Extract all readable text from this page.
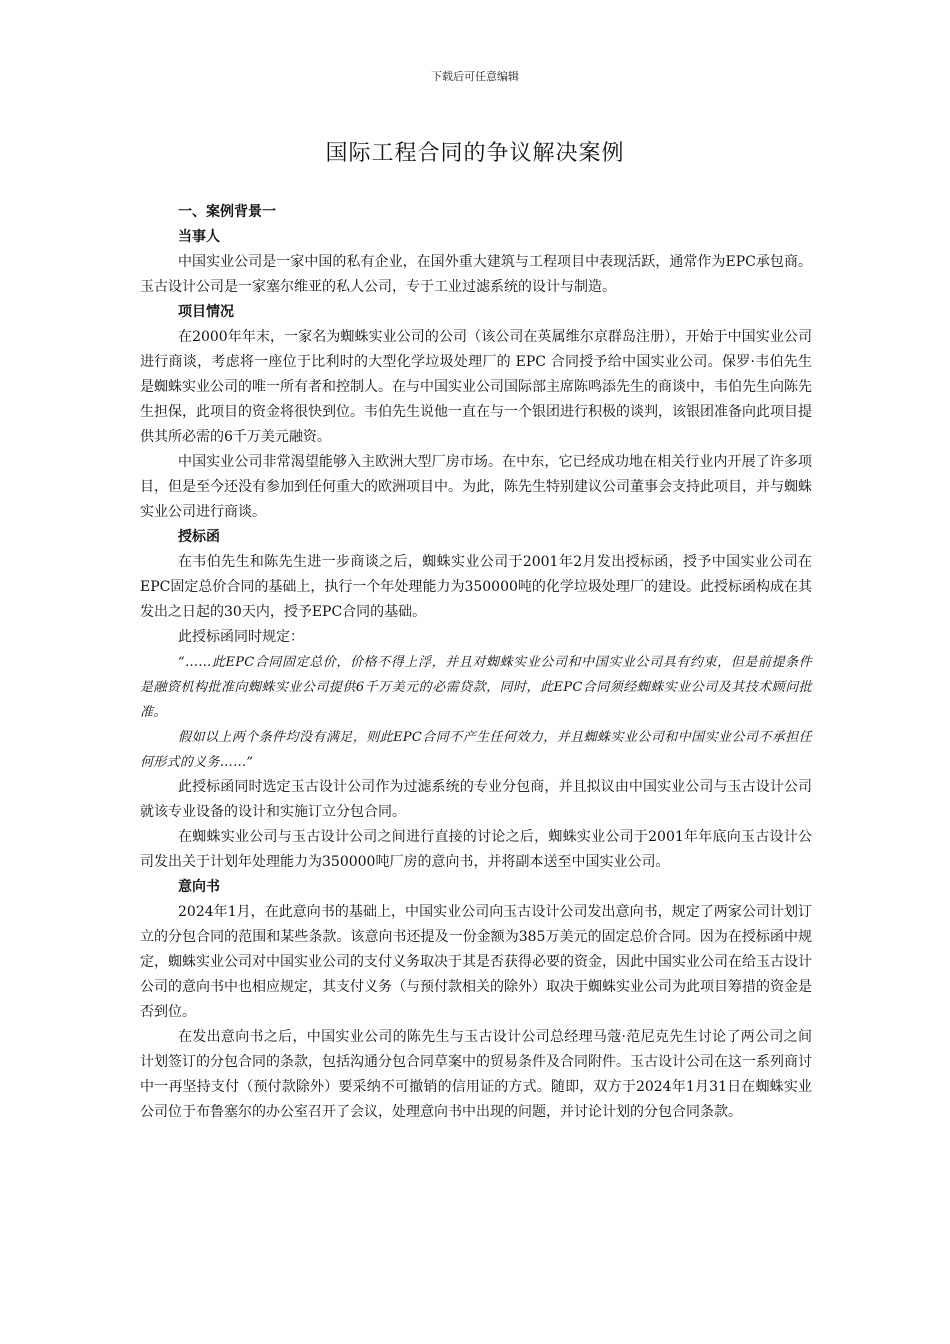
下载后可任意编辑
国际工程合同的争议解决案例
一、案例背景一
当事人

中国实业公司是一家中国的私有企业，在国外重大建筑与工程项目中表现活跃，通常作为EPC承包商。玉古设计公司是一家塞尔维亚的私人公司，专于工业过滤系统的设计与制造。

项目情况

在2000年年末，一家名为蜘蛛实业公司的公司（该公司在英属维尔京群岛注册），开始于中国实业公司进行商谈，考虑将一座位于比利时的大型化学垃圾处理厂的 EPC 合同授予给中国实业公司。保罗·韦伯先生是蜘蛛实业公司的唯一所有者和控制人。在与中国实业公司国际部主席陈鸣添先生的商谈中，韦伯先生向陈先生担保，此项目的资金将很快到位。韦伯先生说他一直在与一个银团进行积极的谈判，该银团准备向此项目提供其所必需的6千万美元融资。

中国实业公司非常渴望能够入主欧洲大型厂房市场。在中东，它已经成功地在相关行业内开展了许多项目，但是至今还没有参加到任何重大的欧洲项目中。为此，陈先生特别建议公司董事会支持此项目，并与蜘蛛实业公司进行商谈。

授标函

在韦伯先生和陈先生进一步商谈之后，蜘蛛实业公司于2001年2月发出授标函，授予中国实业公司在EPC固定总价合同的基础上，执行一个年处理能力为350000吨的化学垃圾处理厂的建设。此授标函构成在其发出之日起的30天内，授予EPC合同的基础。

此授标函同时规定：

“……此EPC合同固定总价，价格不得上浮，并且对蜘蛛实业公司和中国实业公司具有约束，但是前提条件是融资机构批准向蜘蛛实业公司提供6千万美元的必需贷款，同时，此EPC合同须经蜘蛛实业公司及其技术顾问批准。

假如以上两个条件均没有满足，则此EPC合同不产生任何效力，并且蜘蛛实业公司和中国实业公司不承担任何形式的义务……”

此授标函同时选定玉古设计公司作为过滤系统的专业分包商，并且拟议由中国实业公司与玉古设计公司就该专业设备的设计和实施订立分包合同。

在蜘蛛实业公司与玉古设计公司之间进行直接的讨论之后，蜘蛛实业公司于2001年年底向玉古设计公司发出关于计划年处理能力为350000吨厂房的意向书，并将副本送至中国实业公司。

意向书

2024年1月，在此意向书的基础上，中国实业公司向玉古设计公司发出意向书，规定了两家公司计划订立的分包合同的范围和某些条款。该意向书还提及一份金额为385万美元的固定总价合同。因为在授标函中规定，蜘蛛实业公司对中国实业公司的支付义务取决于其是否获得必要的资金，因此中国实业公司在给玉古设计公司的意向书中也相应规定，其支付义务（与预付款相关的除外）取决于蜘蛛实业公司为此项目筹措的资金是否到位。

在发出意向书之后，中国实业公司的陈先生与玉古设计公司总经理马蔻·范尼克先生讨论了两公司之间计划签订的分包合同的条款，包括沟通分包合同草案中的贸易条件及合同附件。玉古设计公司在这一系列商讨中一再坚持支付（预付款除外）要采纳不可撤销的信用证的方式。随即，双方于2024年1月31日在蜘蛛实业公司位于布鲁塞尔的办公室召开了会议，处理意向书中出现的问题，并讨论计划的分包合同条款。
